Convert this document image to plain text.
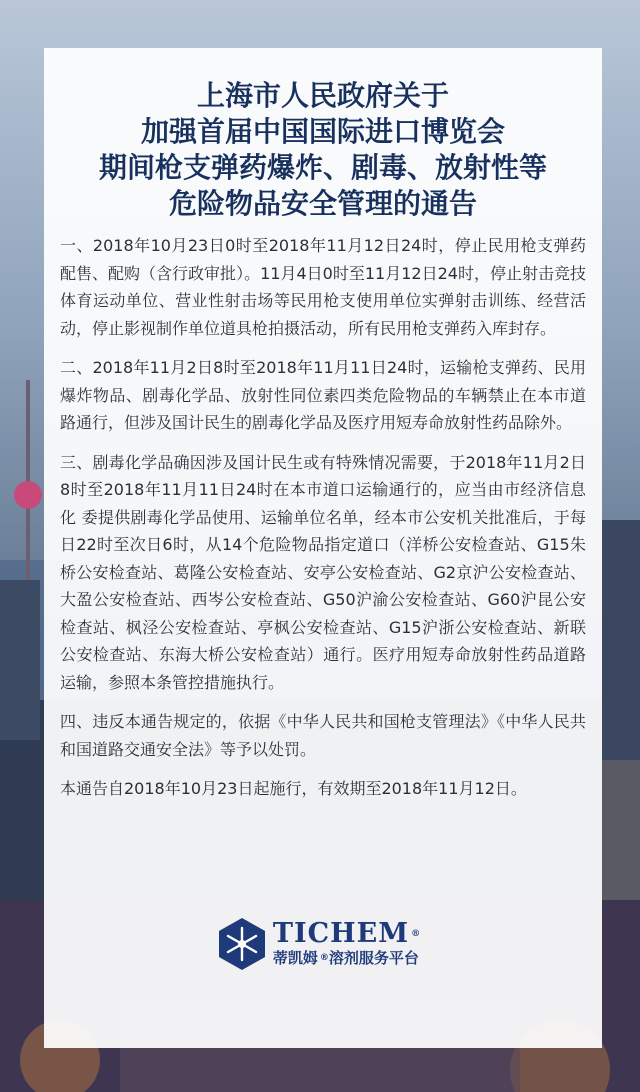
上海市人民政府关于
加强首届中国国际进口博览会
期间枪支弹药爆炸、剧毒、放射性等
危险物品安全管理的通告

一、2018年10月23日0时至2018年11月12日24时，停止民用枪支弹药配售、配购（含行政审批）。11月4日0时至11月12日24时，停止射击竞技体育运动单位、营业性射击场等民用枪支使用单位实弹射击训练、经营活动，停止影视制作单位道具枪拍摄活动，所有民用枪支弹药入库封存。

二、2018年11月2日8时至2018年11月11日24时，运输枪支弹药、民用爆炸物品、剧毒化学品、放射性同位素四类危险物品的车辆禁止在本市道路通行，但涉及国计民生的剧毒化学品及医疗用短寿命放射性药品除外。

三、剧毒化学品确因涉及国计民生或有特殊情况需要，于2018年11月2日8时至2018年11月11日24时在本市道口运输通行的，应当由市经济信息化 委提供剧毒化学品使用、运输单位名单，经本市公安机关批准后，于每日22时至次日6时，从14个危险物品指定道口（洋桥公安检查站、G15朱桥公安检查站、葛隆公安检查站、安亭公安检查站、G2京沪公安检查站、大盈公安检查站、西岑公安检查站、G50沪渝公安检查站、G60沪昆公安检查站、枫泾公安检查站、亭枫公安检查站、G15沪浙公安检查站、新联公安检查站、东海大桥公安检查站）通行。医疗用短寿命放射性药品道路运输，参照本条管控措施执行。

四、违反本通告规定的，依据《中华人民共和国枪支管理法》《中华人民共和国道路交通安全法》等予以处罚。

本通告自2018年10月23日起施行，有效期至2018年11月12日。

TICHEM ®
蒂凯姆 ®溶剂服务平台
